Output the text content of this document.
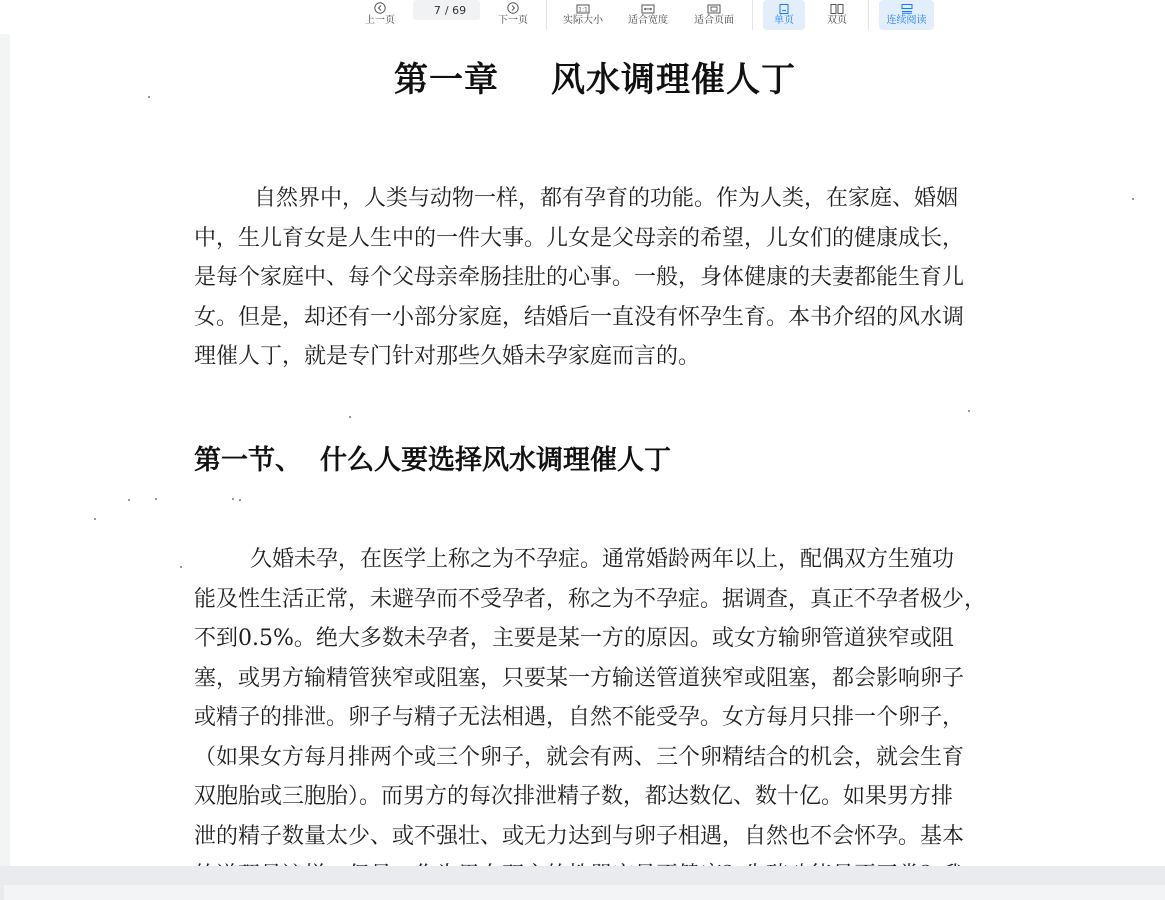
上一页
7
/ 69
下一页
1:1
实际大小	适合宽度	适合页面	单页	双页	连续阅读
第一章 风水调理催人丁
自然界中，人类与动物一样，都有孕育的功能。作为人类，在家庭、婚姻
中，生儿育女是人生中的一件大事。儿女是父母亲的希望，儿女们的健康成长，
是每个家庭中、每个父母亲牵肠挂肚的心事。一般，身体健康的夫妻都能生育儿
女。但是，却还有一小部分家庭，结婚后一直没有怀孕生育。本书介绍的风水调
理催人丁，就是专门针对那些久婚未孕家庭而言的。
第一节、 什么人要选择风水调理催人丁
久婚未孕，在医学上称之为不孕症。通常婚龄两年以上，配偶双方生殖功
能及性生活正常，未避孕而不受孕者，称之为不孕症。据调查，真正不孕者极少，
不到0.5%。绝大多数未孕者，主要是某一方的原因。或女方输卵管道狭窄或阻
塞，或男方输精管狭窄或阻塞，只要某一方输送管道狭窄或阻塞，都会影响卵子
或精子的排泄。卵子与精子无法相遇，自然不能受孕。女方每月只排一个卵子，
（如果女方每月排两个或三个卵子，就会有两、三个卵精结合的机会，就会生育
双胞胎或三胞胎）。而男方的每次排泄精子数，都达数亿、数十亿。如果男方排
泄的精子数量太少、或不强壮、或无力达到与卵子相遇，自然也不会怀孕。基本
